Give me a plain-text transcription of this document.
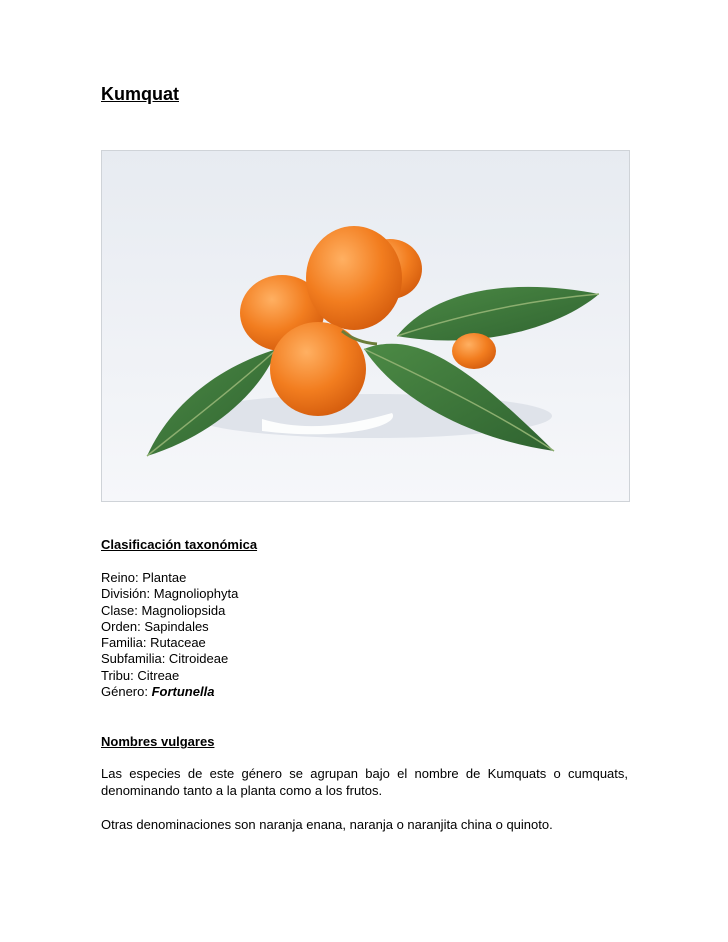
Kumquat
Clasificación taxonómica
Reino: Plantae
División: Magnoliophyta
Clase: Magnoliopsida
Orden: Sapindales
Familia: Rutaceae
Subfamilia: Citroideae
Tribu: Citreae
Género: Fortunella
Nombres vulgares

Las especies de este género se agrupan bajo el nombre de Kumquats o cumquats, denominando tanto a la planta como a los frutos.

Otras denominaciones son naranja enana, naranja o naranjita china o quinoto.
